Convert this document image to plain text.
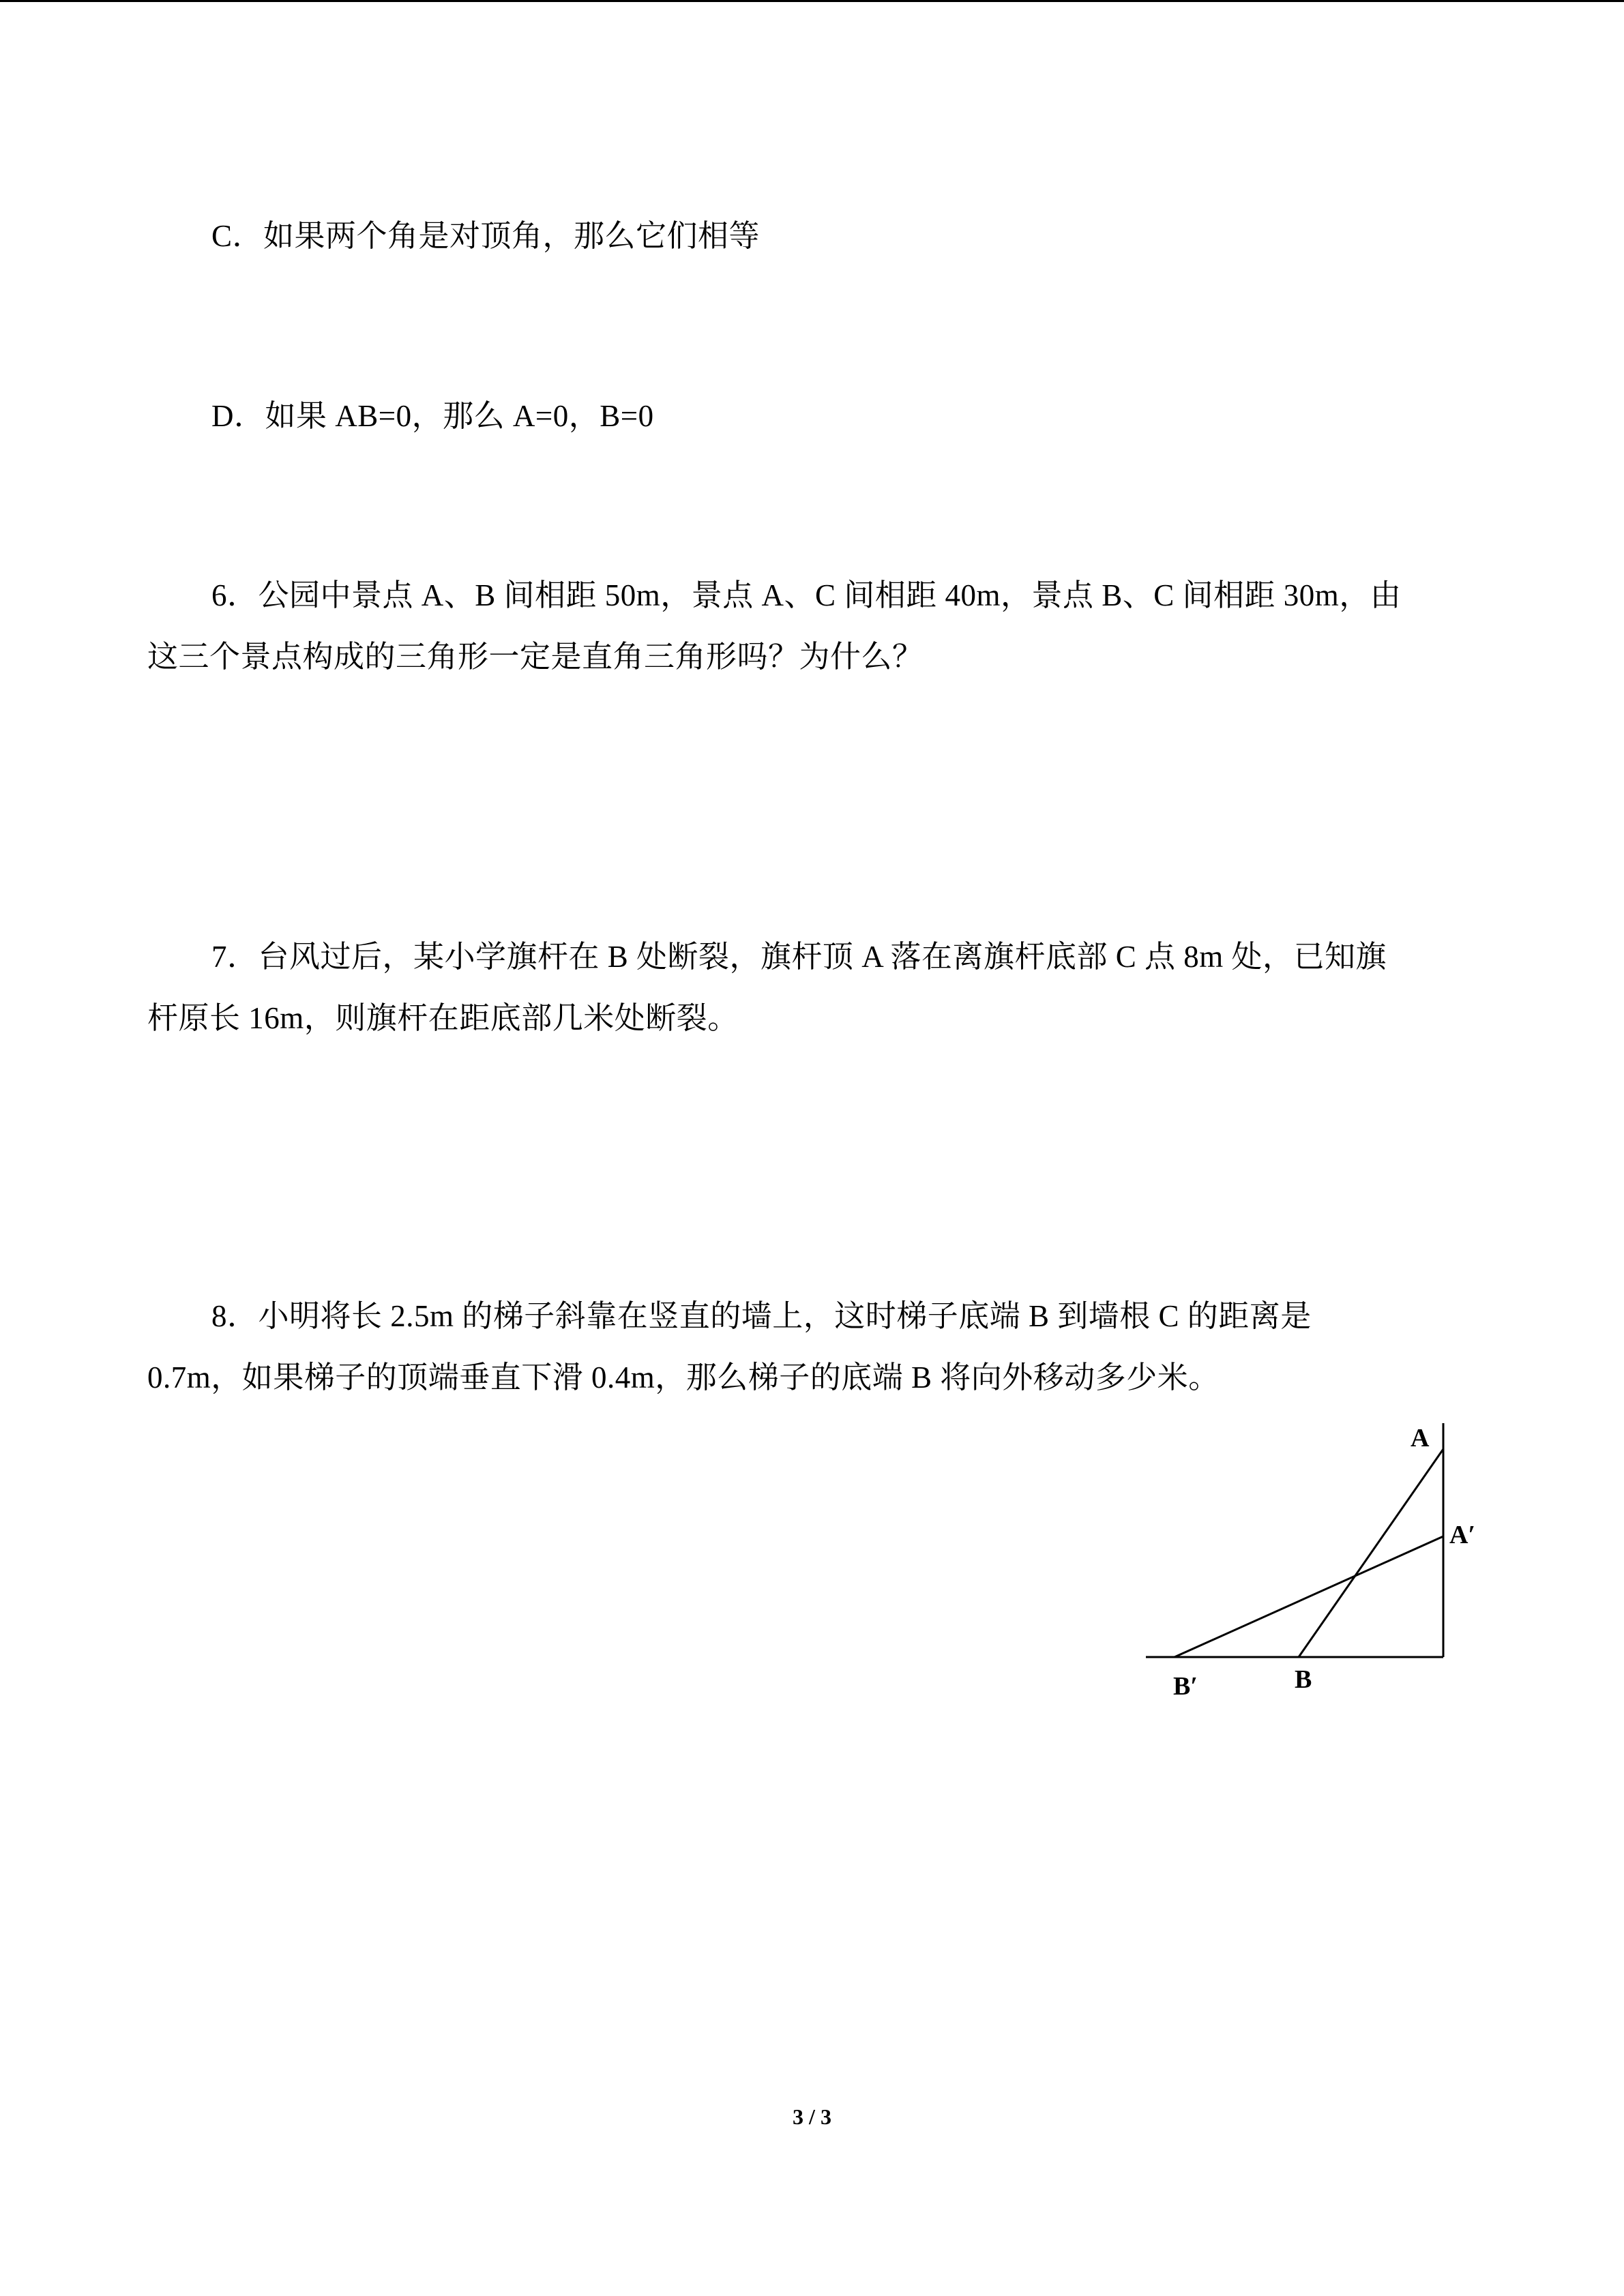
C．如果两个角是对顶角，那么它们相等
D．如果 AB=0，那么 A=0，B=0
6．公园中景点 A、B 间相距 50m，景点 A、C 间相距 40m，景点 B、C 间相距 30m，由
这三个景点构成的三角形一定是直角三角形吗？为什么？
7．台风过后，某小学旗杆在 B 处断裂，旗杆顶 A 落在离旗杆底部 C 点 8m 处，已知旗
杆原长 16m，则旗杆在距底部几米处断裂。
8．小明将长 2.5m 的梯子斜靠在竖直的墙上，这时梯子底端 B 到墙根 C 的距离是
0.7m，如果梯子的顶端垂直下滑 0.4m，那么梯子的底端 B 将向外移动多少米。
A
A′
B
B′
3 / 3
